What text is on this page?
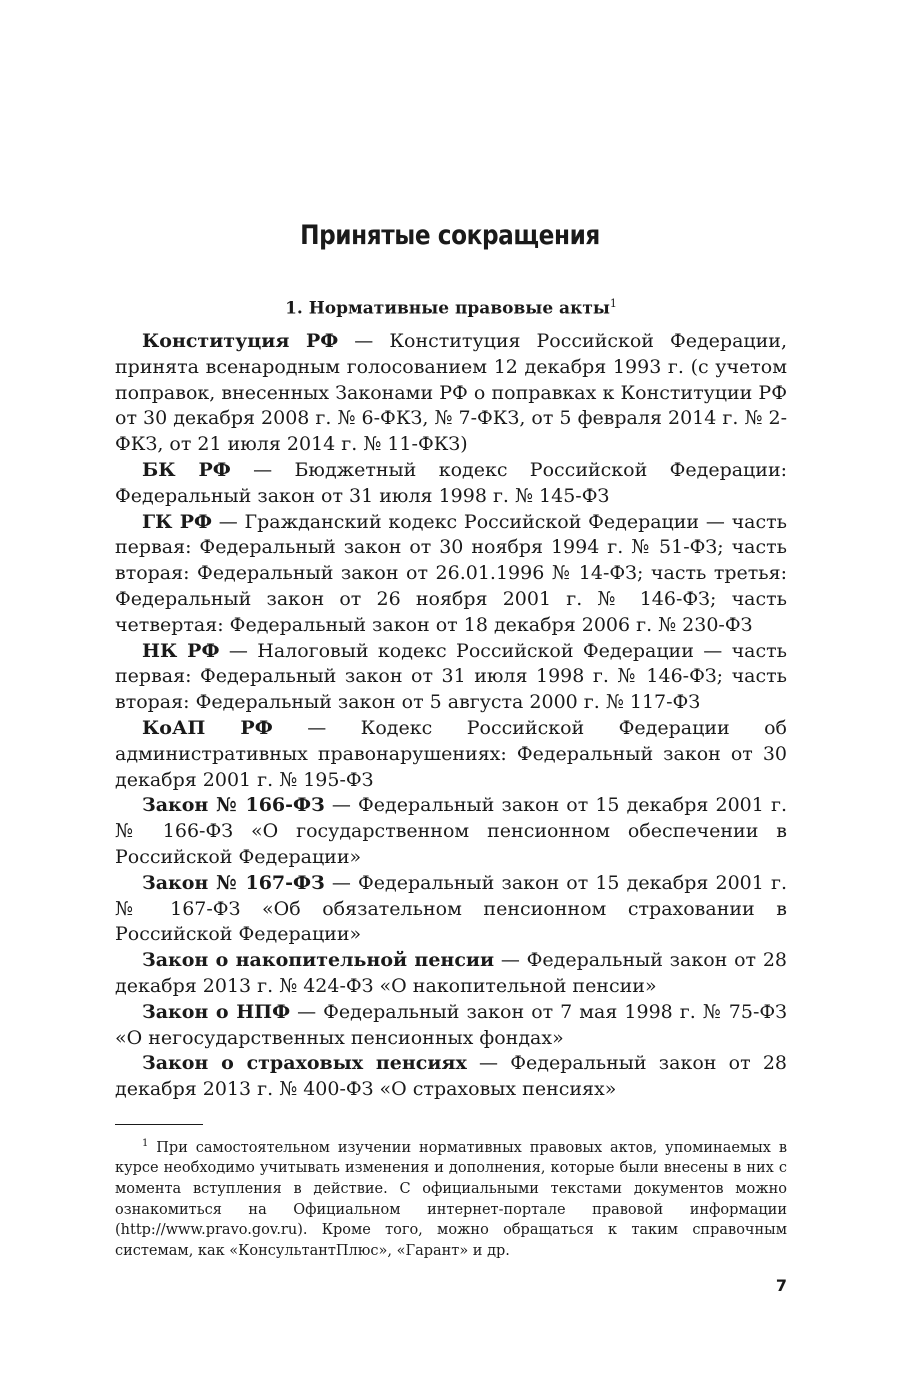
Принятые сокращения
1. Нормативные правовые акты$^1$

Конституция РФ — Конституция Российской Федерации, принята всенародным голосованием 12 декабря 1993 г. (с учетом поправок, внесенных Законами РФ о поправках к Конституции РФ от 30 декабря 2008 г. № 6-ФКЗ, № 7-ФКЗ, от 5 февраля 2014 г. № 2-ФКЗ, от 21 июля 2014 г. № 11-ФКЗ)

БК РФ — Бюджетный кодекс Российской Федерации: Федеральный закон от 31 июля 1998 г. № 145-ФЗ

ГК РФ — Гражданский кодекс Российской Федерации — часть первая: Федеральный закон от 30 ноября 1994 г. № 51-ФЗ; часть вторая: Федеральный закон от 26.01.1996 № 14-ФЗ; часть третья: Федеральный закон от 26 ноября 2001 г. № 146-ФЗ; часть четвертая: Федеральный закон от 18 декабря 2006 г. № 230-ФЗ

НК РФ — Налоговый кодекс Российской Федерации — часть первая: Федеральный закон от 31 июля 1998 г. № 146-ФЗ; часть вторая: Федеральный закон от 5 августа 2000 г. № 117-ФЗ

КоАП РФ — Кодекс Российской Федерации об административных правонарушениях: Федеральный закон от 30 декабря 2001 г. № 195-ФЗ

Закон № 166-ФЗ — Федеральный закон от 15 декабря 2001 г. № 166-ФЗ «О государственном пенсионном обеспечении в Российской Федерации»

Закон № 167-ФЗ — Федеральный закон от 15 декабря 2001 г. № 167-ФЗ «Об обязательном пенсионном страховании в Российской Федерации»

Закон о накопительной пенсии — Федеральный закон от 28 декабря 2013 г. № 424-ФЗ «О накопительной пенсии»

Закон о НПФ — Федеральный закон от 7 мая 1998 г. № 75-ФЗ «О негосударственных пенсионных фондах»

Закон о страховых пенсиях — Федеральный закон от 28 декабря 2013 г. № 400-ФЗ «О страховых пенсиях»

$^1$ При самостоятельном изучении нормативных правовых актов, упоминаемых в курсе необходимо учитывать изменения и дополнения, которые были внесены в них с момента вступления в действие. С официальными текстами документов можно ознакомиться на Официальном интернет-портале правовой информации (http://www.pravo.gov.ru). Кроме того, можно обращаться к таким справочным системам, как «КонсультантПлюс», «Гарант» и др.
7
